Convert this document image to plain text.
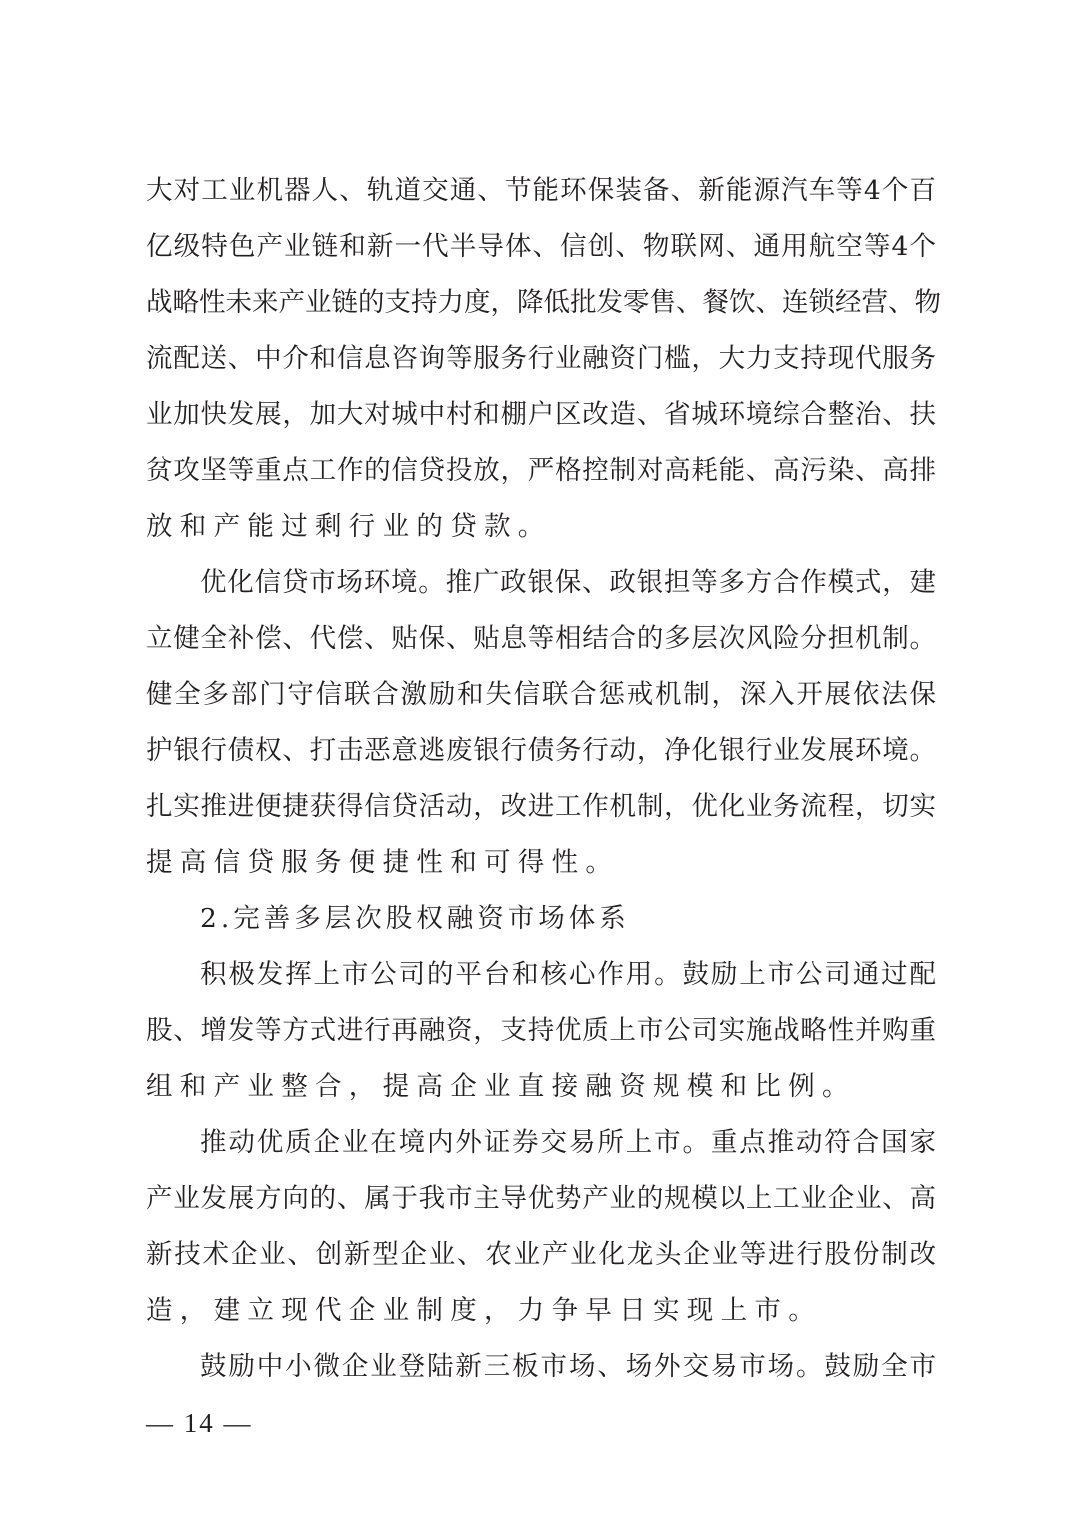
大对工业机器人、轨道交通、节能环保装备、新能源汽车等4个百
亿级特色产业链和新一代半导体、信创、物联网、通用航空等4个
战略性未来产业链的支持力度，降低批发零售、餐饮、连锁经营、物
流配送、中介和信息咨询等服务行业融资门槛，大力支持现代服务
业加快发展，加大对城中村和棚户区改造、省城环境综合整治、扶
贫攻坚等重点工作的信贷投放，严格控制对高耗能、高污染、高排
放和产能过剩行业的贷款。
优化信贷市场环境。推广政银保、政银担等多方合作模式，建
立健全补偿、代偿、贴保、贴息等相结合的多层次风险分担机制。
健全多部门守信联合激励和失信联合惩戒机制，深入开展依法保
护银行债权、打击恶意逃废银行债务行动，净化银行业发展环境。
扎实推进便捷获得信贷活动，改进工作机制，优化业务流程，切实
提高信贷服务便捷性和可得性。
2.完善多层次股权融资市场体系
积极发挥上市公司的平台和核心作用。鼓励上市公司通过配
股、增发等方式进行再融资，支持优质上市公司实施战略性并购重
组和产业整合，提高企业直接融资规模和比例。
推动优质企业在境内外证券交易所上市。重点推动符合国家
产业发展方向的、属于我市主导优势产业的规模以上工业企业、高
新技术企业、创新型企业、农业产业化龙头企业等进行股份制改
造，建立现代企业制度，力争早日实现上市。
鼓励中小微企业登陆新三板市场、场外交易市场。鼓励全市
— 14 —
